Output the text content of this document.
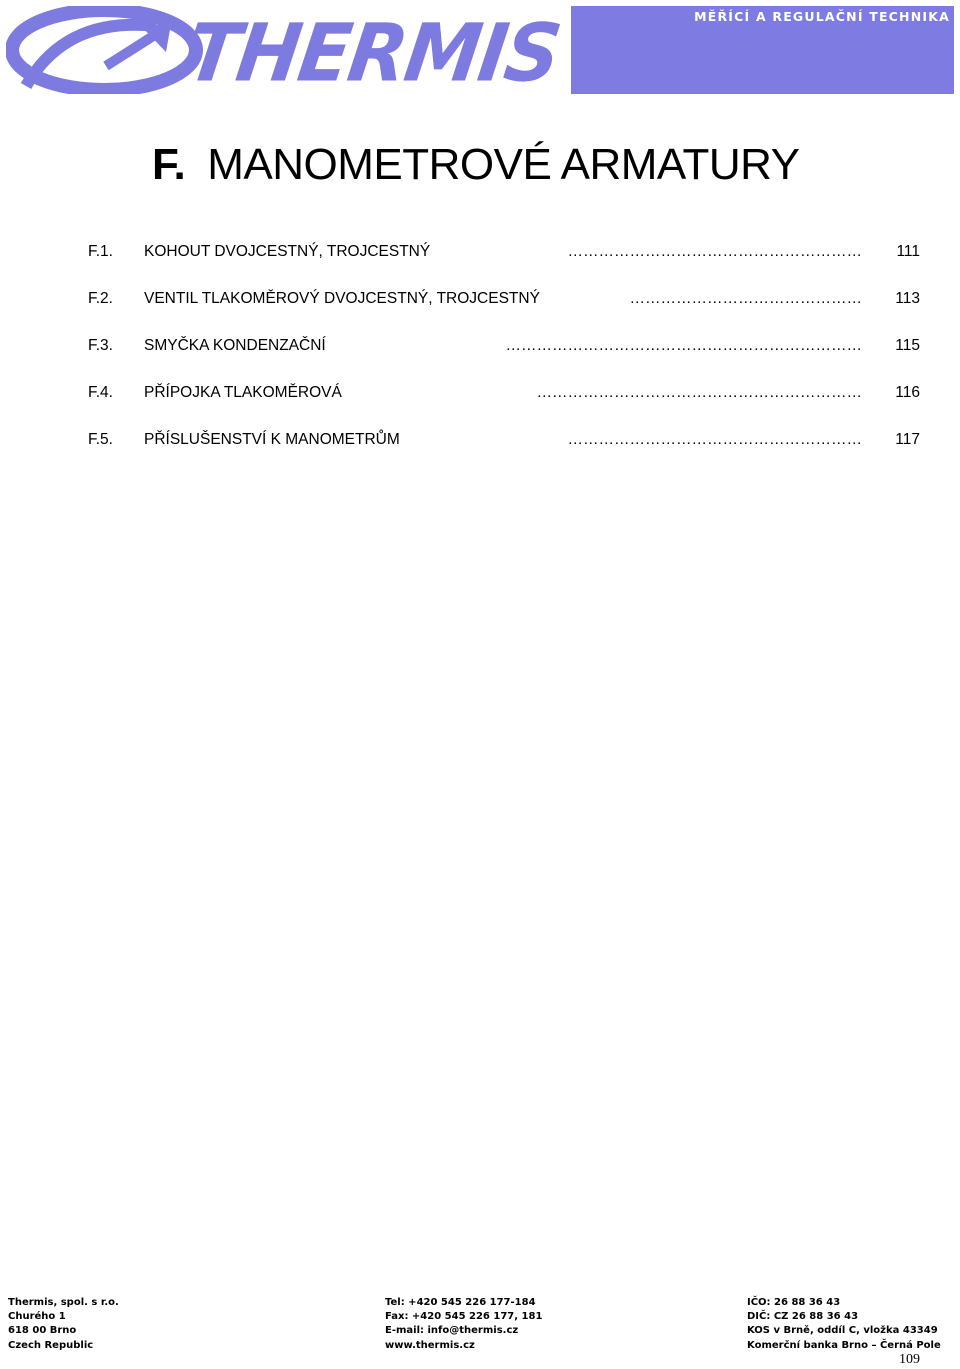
THERMIS	MĚŘÍCÍ A REGULAČNÍ TECHNIKA
F. MANOMETROVÉ ARMATURY
F.1. KOHOUT DVOJCESTNÝ, TROJCESTNÝ	………………………………………………… 111
F.2. VENTIL TLAKOMĚROVÝ DVOJCESTNÝ, TROJCESTNÝ	……………………………………… 113
F.3. SMYČKA KONDENZAČNÍ	…………………………………………………………… 115
F.4. PŘÍPOJKA TLAKOMĚROVÁ	……………………………………………………… 116
F.5. PŘÍSLUŠENSTVÍ K MANOMETRŮM	………………………………………………… 117
Thermis, spol. s r.o.
Churého 1
618 00 Brno
Czech Republic
Tel: +420 545 226 177-184
Fax: +420 545 226 177, 181
E-mail: info@thermis.cz
www.thermis.cz
IČO: 26 88 36 43
DIČ: CZ 26 88 36 43
KOS v Brně, oddíl C, vložka 43349
Komerční banka Brno – Černá Pole
109
